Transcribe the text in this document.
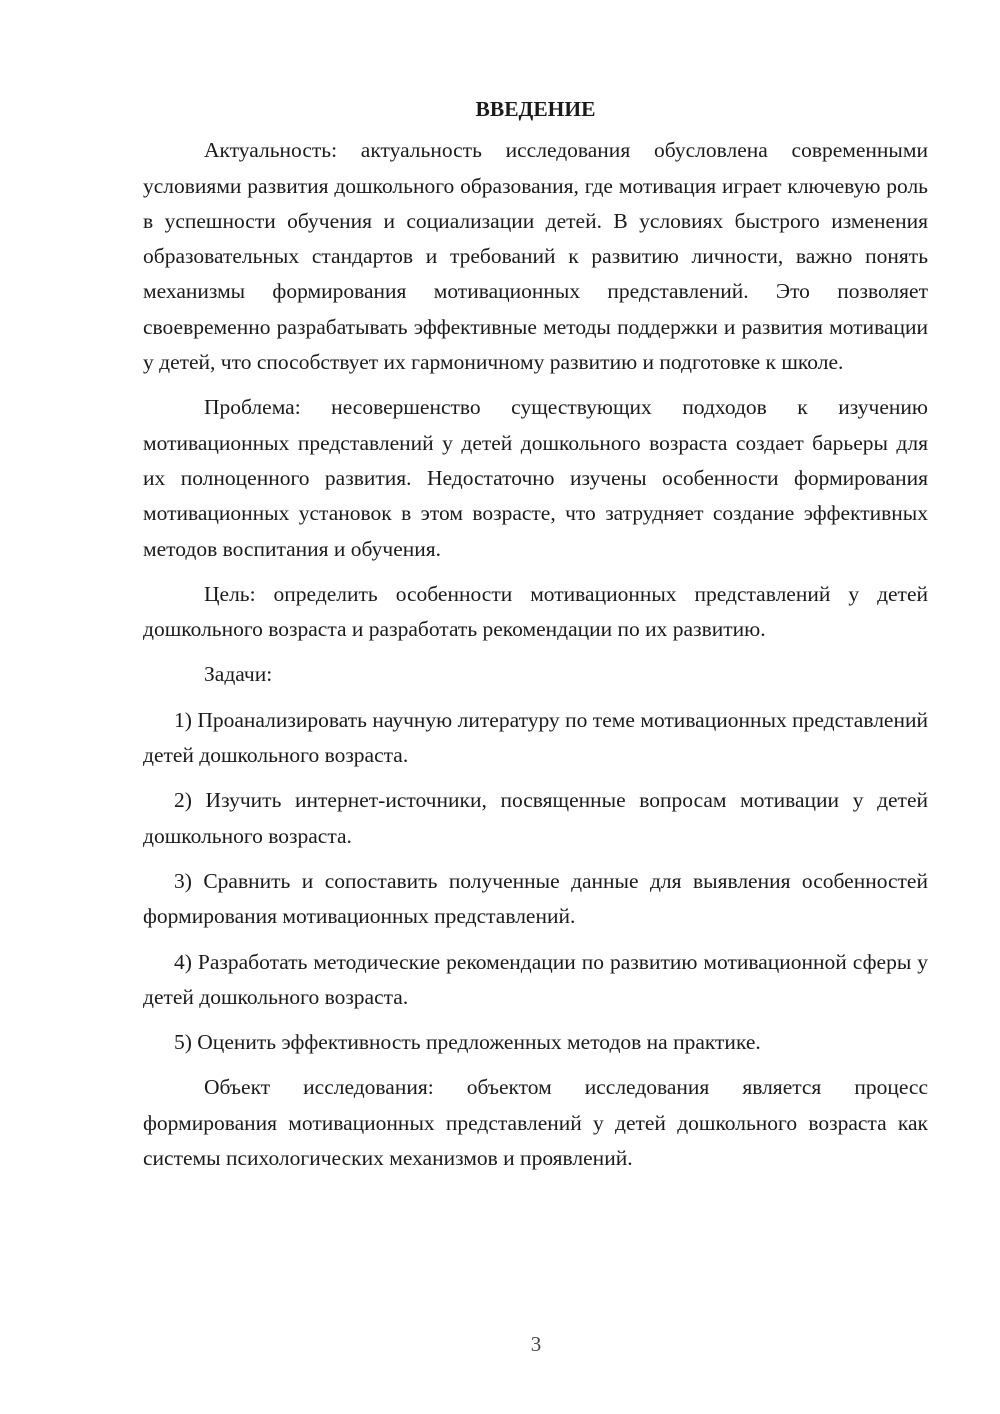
ВВЕДЕНИЕ

Актуальность: актуальность исследования обусловлена современными условиями развития дошкольного образования, где мотивация играет ключевую роль в успешности обучения и социализации детей. В условиях быстрого изменения образовательных стандартов и требований к развитию личности, важно понять механизмы формирования мотивационных представлений. Это позволяет своевременно разрабатывать эффективные методы поддержки и развития мотивации у детей, что способствует их гармоничному развитию и подготовке к школе.

Проблема: несовершенство существующих подходов к изучению мотивационных представлений у детей дошкольного возраста создает барьеры для их полноценного развития. Недостаточно изучены особенности формирования мотивационных установок в этом возрасте, что затрудняет создание эффективных методов воспитания и обучения.

Цель: определить особенности мотивационных представлений у детей дошкольного возраста и разработать рекомендации по их развитию.

Задачи:

1) Проанализировать научную литературу по теме мотивационных представлений детей дошкольного возраста.

2) Изучить интернет-источники, посвященные вопросам мотивации у детей дошкольного возраста.

3) Сравнить и сопоставить полученные данные для выявления особенностей формирования мотивационных представлений.

4) Разработать методические рекомендации по развитию мотивационной сферы у детей дошкольного возраста.

5) Оценить эффективность предложенных методов на практике.

Объект исследования: объектом исследования является процесс формирования мотивационных представлений у детей дошкольного возраста как системы психологических механизмов и проявлений.

3
